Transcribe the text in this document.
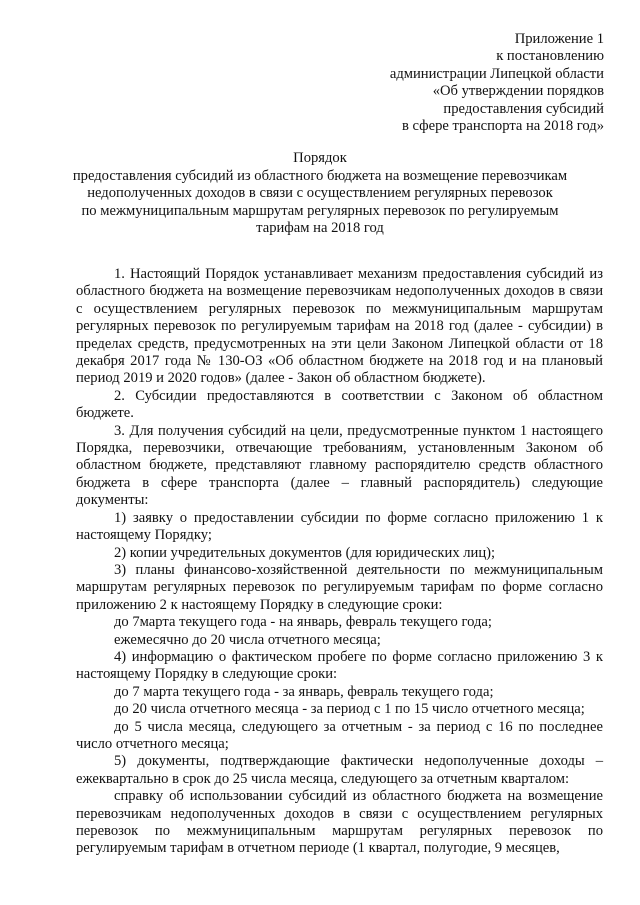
Приложение 1
к постановлению
администрации Липецкой области
«Об утверждении порядков
предоставления субсидий
в сфере транспорта на 2018 год»
Порядок
предоставления субсидий из областного бюджета на возмещение перевозчикам
недополученных доходов в связи с осуществлением регулярных перевозок
по межмуниципальным маршрутам регулярных перевозок по регулируемым
тарифам на 2018 год

1. Настоящий Порядок устанавливает механизм предоставления субсидий из областного бюджета на возмещение перевозчикам недополученных доходов в связи с осуществлением регулярных перевозок по межмуниципальным маршрутам регулярных перевозок по регулируемым тарифам на 2018 год (далее - субсидии) в пределах средств, предусмотренных на эти цели Законом Липецкой области от 18 декабря 2017 года № 130-ОЗ «Об областном бюджете на 2018 год и на плановый период 2019 и 2020 годов» (далее - Закон об областном бюджете).

2. Субсидии предоставляются в соответствии с Законом об областном бюджете.

3. Для получения субсидий на цели, предусмотренные пунктом 1 настоящего Порядка, перевозчики, отвечающие требованиям, установленным Законом об областном бюджете, представляют главному распорядителю средств областного бюджета в сфере транспорта (далее – главный распорядитель) следующие документы:

1) заявку о предоставлении субсидии по форме согласно приложению 1 к настоящему Порядку;

2) копии учредительных документов (для юридических лиц);

3) планы финансово-хозяйственной деятельности по межмуниципальным маршрутам регулярных перевозок по регулируемым тарифам по форме согласно приложению 2 к настоящему Порядку в следующие сроки:

до 7марта текущего года - на январь, февраль текущего года;

ежемесячно до 20 числа отчетного месяца;

4) информацию о фактическом пробеге по форме согласно приложению 3 к настоящему Порядку в следующие сроки:

до 7 марта текущего года - за январь, февраль текущего года;

до 20 числа отчетного месяца - за период с 1 по 15 число отчетного месяца;

до 5 числа месяца, следующего за отчетным - за период с 16 по последнее число отчетного месяца;

5) документы, подтверждающие фактически недополученные доходы – ежеквартально в срок до 25 числа месяца, следующего за отчетным кварталом:

справку об использовании субсидий из областного бюджета на возмещение перевозчикам недополученных доходов в связи с осуществлением регулярных перевозок по межмуниципальным маршрутам регулярных перевозок по регулируемым тарифам в отчетном периоде (1 квартал, полугодие, 9 месяцев,
